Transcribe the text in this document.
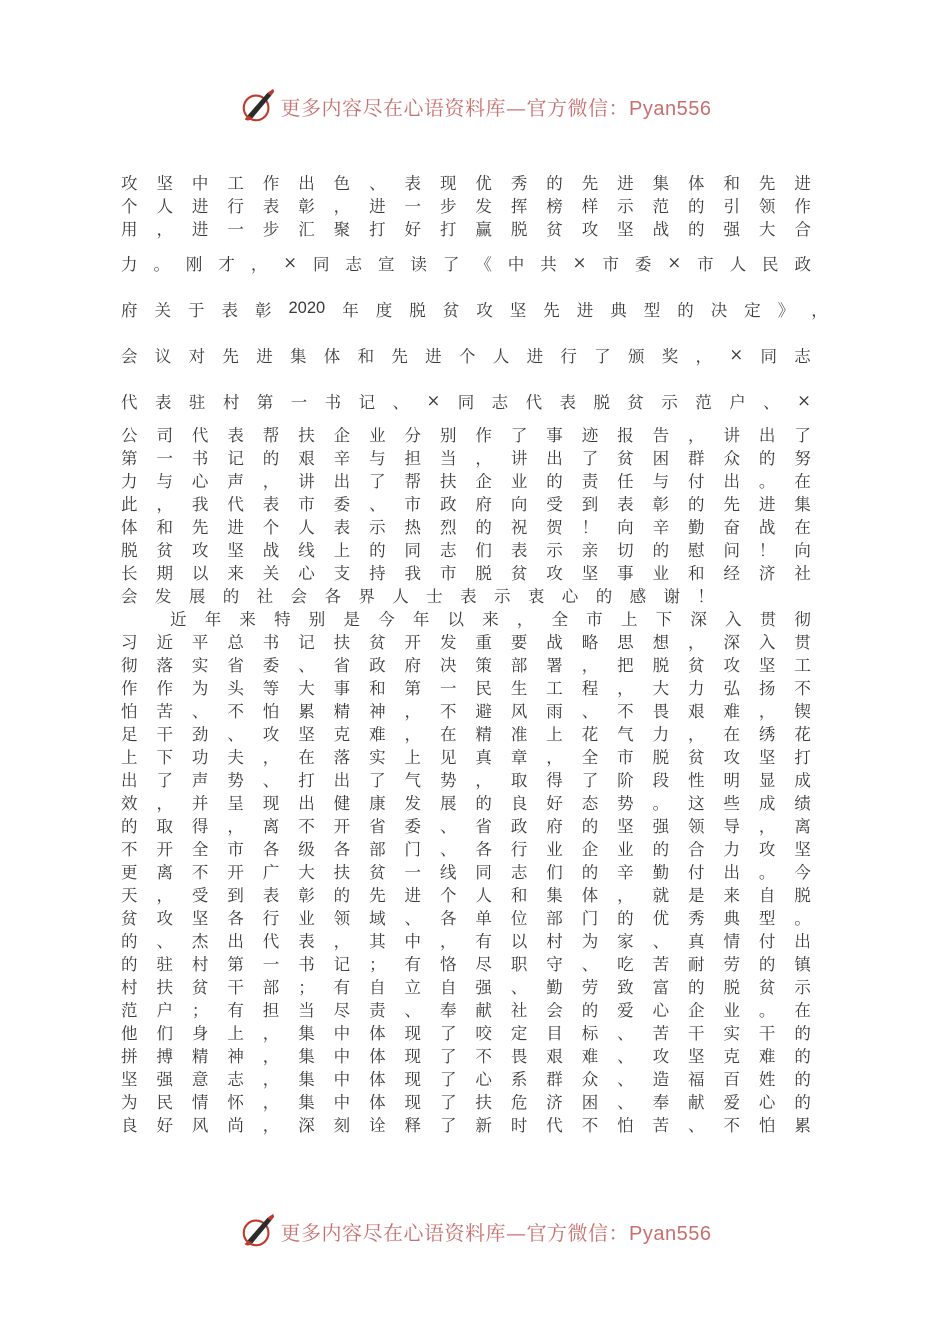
更多内容尽在心语资料库—官方微信：Pyan556
攻 坚 中 工 作 出 色 、 表 现 优 秀 的 先 进 集 体 和 先 进
个 人 进 行 表 彰 ， 进 一 步 发 挥 榜 样 示 范 的 引 领 作
用 ， 进 一 步 汇 聚 打 好 打 赢 脱 贫 攻 坚 战 的 强 大 合
力 。 刚 才 ， × 同 志 宣 读 了 《 中 共 × 市 委 × 市 人 民 政
府 关 于 表 彰 2020 年 度 脱 贫 攻 坚 先 进 典 型 的 决 定 》 ，
会 议 对 先 进 集 体 和 先 进 个 人 进 行 了 颁 奖 ， × 同 志
代 表 驻 村 第 一 书 记 、 × 同 志 代 表 脱 贫 示 范 户 、 ×
公 司 代 表 帮 扶 企 业 分 别 作 了 事 迹 报 告 ， 讲 出 了
第 一 书 记 的 艰 辛 与 担 当 ， 讲 出 了 贫 困 群 众 的 努
力 与 心 声 ， 讲 出 了 帮 扶 企 业 的 责 任 与 付 出 。 在
此 ， 我 代 表 市 委 、 市 政 府 向 受 到 表 彰 的 先 进 集
体 和 先 进 个 人 表 示 热 烈 的 祝 贺 ！ 向 辛 勤 奋 战 在
脱 贫 攻 坚 战 线 上 的 同 志 们 表 示 亲 切 的 慰 问 ！ 向
长 期 以 来 关 心 支 持 我 市 脱 贫 攻 坚 事 业 和 经 济 社
会 发 展 的 社 会 各 界 人 士 表 示 衷 心 的 感 谢 ！
近 年 来 特 别 是 今 年 以 来 ， 全 市 上 下 深 入 贯 彻
习 近 平 总 书 记 扶 贫 开 发 重 要 战 略 思 想 ， 深 入 贯
彻 落 实 省 委 、 省 政 府 决 策 部 署 ， 把 脱 贫 攻 坚 工
作 作 为 头 等 大 事 和 第 一 民 生 工 程 ， 大 力 弘 扬 不
怕 苦 、 不 怕 累 精 神 ， 不 避 风 雨 、 不 畏 艰 难 ， 锲
足 干 劲 、 攻 坚 克 难 ， 在 精 准 上 花 气 力 ， 在 绣 花
上 下 功 夫 ， 在 落 实 上 见 真 章 ， 全 市 脱 贫 攻 坚 打
出 了 声 势 、 打 出 了 气 势 ， 取 得 了 阶 段 性 明 显 成
效 ， 并 呈 现 出 健 康 发 展 的 良 好 态 势 。 这 些 成 绩
的 取 得 ， 离 不 开 省 委 、 省 政 府 的 坚 强 领 导 ， 离
不 开 全 市 各 级 各 部 门 、 各 行 业 企 业 的 合 力 攻 坚
更 离 不 开 广 大 扶 贫 一 线 同 志 们 的 辛 勤 付 出 。 今
天 ， 受 到 表 彰 的 先 进 个 人 和 集 体 ， 就 是 来 自 脱
贫 攻 坚 各 行 业 领 域 、 各 单 位 部 门 的 优 秀 典 型 。
的 、 杰 出 代 表 ， 其 中 ， 有 以 村 为 家 、 真 情 付 出
的 驻 村 第 一 书 记 ； 有 恪 尽 职 守 、 吃 苦 耐 劳 的 镇
村 扶 贫 干 部 ； 有 自 立 自 强 、 勤 劳 致 富 的 脱 贫 示
范 户 ； 有 担 当 尽 责 、 奉 献 社 会 的 爱 心 企 业 。 在
他 们 身 上 ， 集 中 体 现 了 咬 定 目 标 、 苦 干 实 干 的
拼 搏 精 神 ， 集 中 体 现 了 不 畏 艰 难 、 攻 坚 克 难 的
坚 强 意 志 ， 集 中 体 现 了 心 系 群 众 、 造 福 百 姓 的
为 民 情 怀 ， 集 中 体 现 了 扶 危 济 困 、 奉 献 爱 心 的
良 好 风 尚 ， 深 刻 诠 释 了 新 时 代 不 怕 苦 、 不 怕 累
更多内容尽在心语资料库—官方微信：Pyan556
